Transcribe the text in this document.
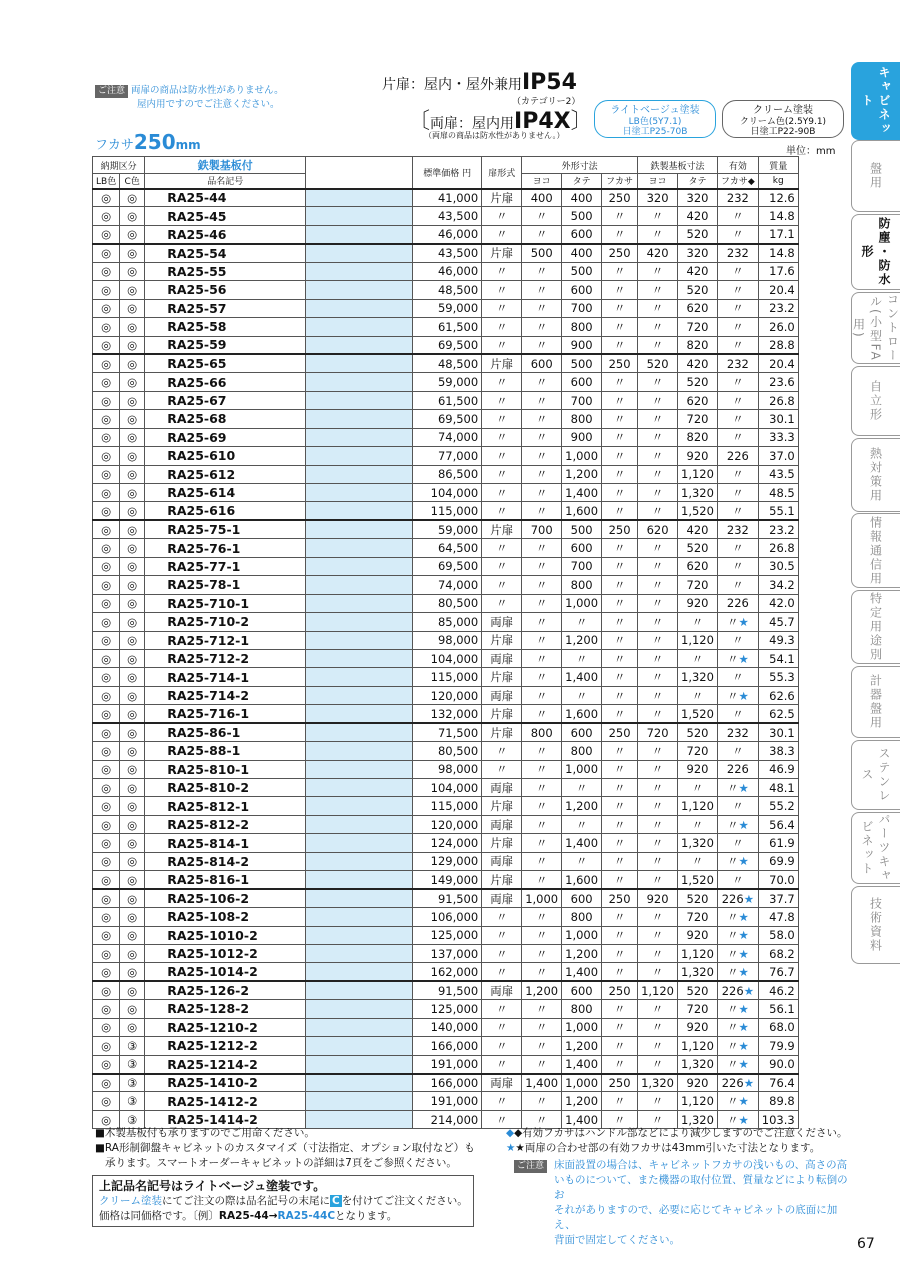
ご注意 両扉の商品は防水性がありません。
屋内用ですのでご注意ください。
片扉：屋内・屋外兼用IP54
（カテゴリー2）
〔両扉：屋内用IP4X〕
（両扉の商品は防水性がありません。）
ライトベージュ塗装
LB色(5Y7.1)
日塗工P25-70B
クリーム塗装
クリーム色(2.5Y9.1)
日塗工P22-90B
フカサ250mm	単位：mm
納期区分		鉄製基板付		標準価格 円	扉形式	外形寸法			鉄製基板寸法		有効	質量
LB色	C色	品名記号				ヨコ	タテ	フカサ	ヨコ	タテ	フカサ◆	kg
◎	◎	RA25-44		41,000	片扉	400	400	250	320	320	232	12.6
◎	◎	RA25-45		43,500	〃	〃	500	〃	〃	420	〃	14.8
◎	◎	RA25-46		46,000	〃	〃	600	〃	〃	520	〃	17.1
◎	◎	RA25-54		43,500	片扉	500	400	250	420	320	232	14.8
◎	◎	RA25-55		46,000	〃	〃	500	〃	〃	420	〃	17.6
◎	◎	RA25-56		48,500	〃	〃	600	〃	〃	520	〃	20.4
◎	◎	RA25-57		59,000	〃	〃	700	〃	〃	620	〃	23.2
◎	◎	RA25-58		61,500	〃	〃	800	〃	〃	720	〃	26.0
◎	◎	RA25-59		69,500	〃	〃	900	〃	〃	820	〃	28.8
◎	◎	RA25-65		48,500	片扉	600	500	250	520	420	232	20.4
◎	◎	RA25-66		59,000	〃	〃	600	〃	〃	520	〃	23.6
◎	◎	RA25-67		61,500	〃	〃	700	〃	〃	620	〃	26.8
◎	◎	RA25-68		69,500	〃	〃	800	〃	〃	720	〃	30.1
◎	◎	RA25-69		74,000	〃	〃	900	〃	〃	820	〃	33.3
◎	◎	RA25-610		77,000	〃	〃	1,000	〃	〃	920	226	37.0
◎	◎	RA25-612		86,500	〃	〃	1,200	〃	〃	1,120	〃	43.5
◎	◎	RA25-614		104,000	〃	〃	1,400	〃	〃	1,320	〃	48.5
◎	◎	RA25-616		115,000	〃	〃	1,600	〃	〃	1,520	〃	55.1
◎	◎	RA25-75-1		59,000	片扉	700	500	250	620	420	232	23.2
◎	◎	RA25-76-1		64,500	〃	〃	600	〃	〃	520	〃	26.8
◎	◎	RA25-77-1		69,500	〃	〃	700	〃	〃	620	〃	30.5
◎	◎	RA25-78-1		74,000	〃	〃	800	〃	〃	720	〃	34.2
◎	◎	RA25-710-1		80,500	〃	〃	1,000	〃	〃	920	226	42.0
◎	◎	RA25-710-2		85,000	両扉	〃	〃	〃	〃	〃	〃★	45.7
◎	◎	RA25-712-1		98,000	片扉	〃	1,200	〃	〃	1,120	〃	49.3
◎	◎	RA25-712-2		104,000	両扉	〃	〃	〃	〃	〃	〃★	54.1
◎	◎	RA25-714-1		115,000	片扉	〃	1,400	〃	〃	1,320	〃	55.3
◎	◎	RA25-714-2		120,000	両扉	〃	〃	〃	〃	〃	〃★	62.6
◎	◎	RA25-716-1		132,000	片扉	〃	1,600	〃	〃	1,520	〃	62.5
◎	◎	RA25-86-1		71,500	片扉	800	600	250	720	520	232	30.1
◎	◎	RA25-88-1		80,500	〃	〃	800	〃	〃	720	〃	38.3
◎	◎	RA25-810-1		98,000	〃	〃	1,000	〃	〃	920	226	46.9
◎	◎	RA25-810-2		104,000	両扉	〃	〃	〃	〃	〃	〃★	48.1
◎	◎	RA25-812-1		115,000	片扉	〃	1,200	〃	〃	1,120	〃	55.2
◎	◎	RA25-812-2		120,000	両扉	〃	〃	〃	〃	〃	〃★	56.4
◎	◎	RA25-814-1		124,000	片扉	〃	1,400	〃	〃	1,320	〃	61.9
◎	◎	RA25-814-2		129,000	両扉	〃	〃	〃	〃	〃	〃★	69.9
◎	◎	RA25-816-1		149,000	片扉	〃	1,600	〃	〃	1,520	〃	70.0
◎	◎	RA25-106-2		91,500	両扉	1,000	600	250	920	520	226★	37.7
◎	◎	RA25-108-2		106,000	〃	〃	800	〃	〃	720	〃★	47.8
◎	◎	RA25-1010-2		125,000	〃	〃	1,000	〃	〃	920	〃★	58.0
◎	◎	RA25-1012-2		137,000	〃	〃	1,200	〃	〃	1,120	〃★	68.2
◎	◎	RA25-1014-2		162,000	〃	〃	1,400	〃	〃	1,320	〃★	76.7
◎	◎	RA25-126-2		91,500	両扉	1,200	600	250	1,120	520	226★	46.2
◎	◎	RA25-128-2		125,000	〃	〃	800	〃	〃	720	〃★	56.1
◎	◎	RA25-1210-2		140,000	〃	〃	1,000	〃	〃	920	〃★	68.0
◎	③	RA25-1212-2		166,000	〃	〃	1,200	〃	〃	1,120	〃★	79.9
◎	③	RA25-1214-2		191,000	〃	〃	1,400	〃	〃	1,320	〃★	90.0
◎	③	RA25-1410-2		166,000	両扉	1,400	1,000	250	1,320	920	226★	76.4
◎	③	RA25-1412-2		191,000	〃	〃	1,200	〃	〃	1,120	〃★	89.8
◎	③	RA25-1414-2		214,000	〃	〃	1,400	〃	〃	1,320	〃★	103.3
■木製基板付も承りますのでご用命ください。
■RA形制御盤キャビネットのカスタマイズ（寸法指定、オプション取付など）も
承ります。スマートオーダーキャビネットの詳細は7頁をご参照ください。
上記品名記号はライトベージュ塗装です。
クリーム塗装にてご注文の際は品名記号の末尾に C を付けてご注文ください。
価格は同価格です。〔例〕RA25-44→RA25-44Cとなります。
◆◆有効フカサはハンドル部などにより減少しますのでご注意ください。
★★両扉の合わせ部の有効フカサは43mm引いた寸法となります。
ご注意 床面設置の場合は、キャビネットフカサの浅いもの、高さの高
いものについて、また機器の取付位置、質量などにより転倒のお
それがありますので、必要に応じてキャビネットの底面に加え、
背面で固定してください。
キャビネット
盤用
防塵・防水形
コントロール(小型FA用)
自立形
熱対策用
情報通信用
特定用途別
計器盤用
ステンレス
パーツキャビネット
技術資料
67
